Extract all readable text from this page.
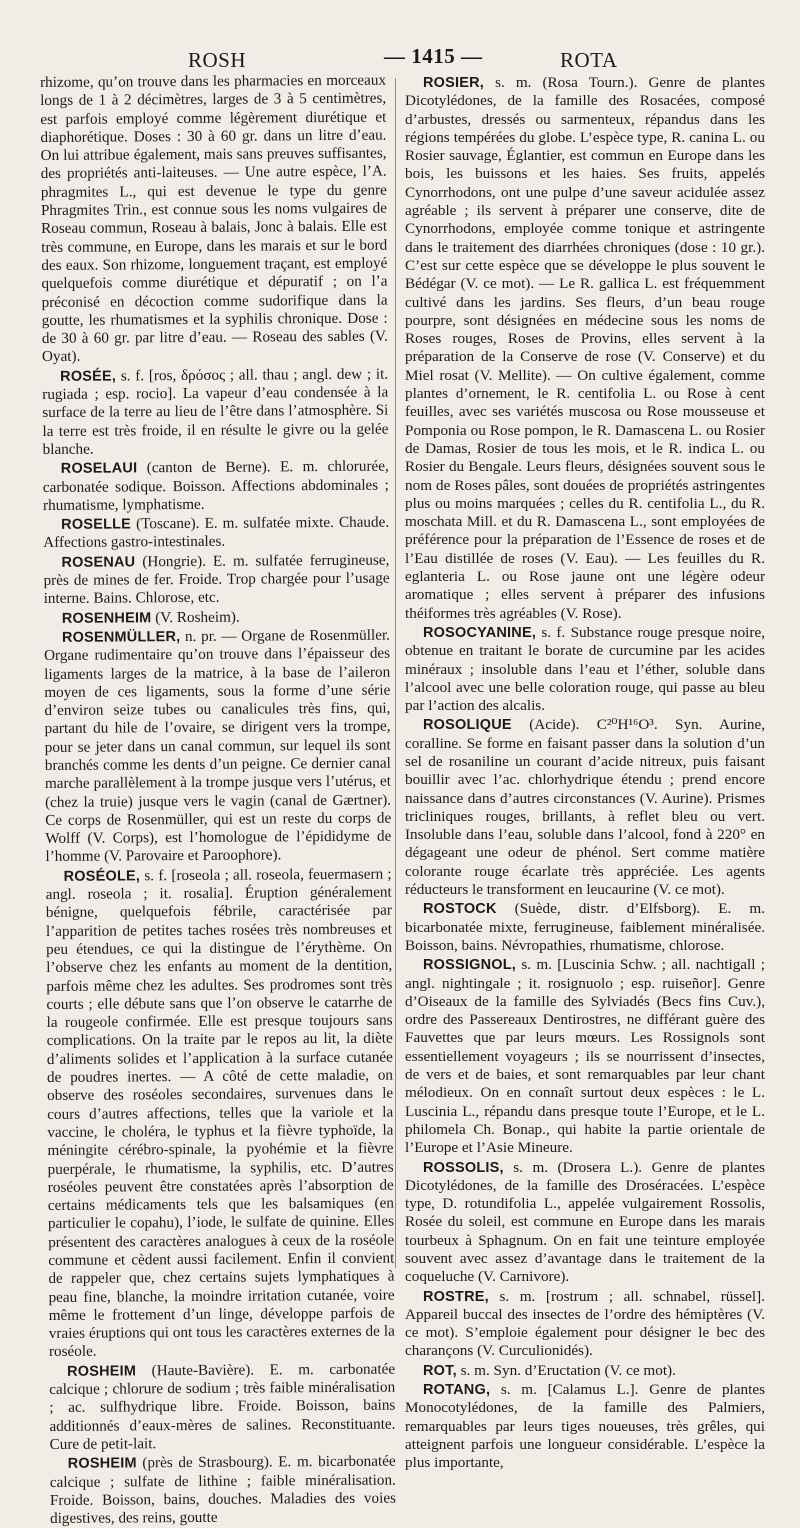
ROSH	— 1415 —	ROTA

rhizome, qu’on trouve dans les pharmacies en morceaux longs de 1 à 2 décimètres, larges de 3 à 5 centimètres, est parfois employé comme légèrement diurétique et diaphorétique. Doses : 30 à 60 gr. dans un litre d’eau. On lui attribue également, mais sans preuves suffisantes, des propriétés anti-laiteuses. — Une autre espèce, l’A. phragmites L., qui est devenue le type du genre Phragmites Trin., est connue sous les noms vulgaires de Roseau commun, Roseau à balais, Jonc à balais. Elle est très commune, en Europe, dans les marais et sur le bord des eaux. Son rhizome, longuement traçant, est employé quelquefois comme diurétique et dépuratif ; on l’a préconisé en décoction comme sudorifique dans la goutte, les rhumatismes et la syphilis chronique. Dose : de 30 à 60 gr. par litre d’eau. — Roseau des sables (V. Oyat).

ROSÉE, s. f. [ros, δρόσος ; all. thau ; angl. dew ; it. rugiada ; esp. rocio]. La vapeur d’eau condensée à la surface de la terre au lieu de l’être dans l’atmosphère. Si la terre est très froide, il en résulte le givre ou la gelée blanche.

ROSELAUI (canton de Berne). E. m. chlorurée, carbonatée sodique. Boisson. Affections abdominales ; rhumatisme, lymphatisme.

ROSELLE (Toscane). E. m. sulfatée mixte. Chaude. Affections gastro-intestinales.

ROSENAU (Hongrie). E. m. sulfatée ferrugineuse, près de mines de fer. Froide. Trop chargée pour l’usage interne. Bains. Chlorose, etc.

ROSENHEIM (V. Rosheim).

ROSENMÜLLER, n. pr. — Organe de Rosenmüller. Organe rudimentaire qu’on trouve dans l’épaisseur des ligaments larges de la matrice, à la base de l’aileron moyen de ces ligaments, sous la forme d’une série d’environ seize tubes ou canalicules très fins, qui, partant du hile de l’ovaire, se dirigent vers la trompe, pour se jeter dans un canal commun, sur lequel ils sont branchés comme les dents d’un peigne. Ce dernier canal marche parallèlement à la trompe jusque vers l’utérus, et (chez la truie) jusque vers le vagin (canal de Gærtner). Ce corps de Rosenmüller, qui est un reste du corps de Wolff (V. Corps), est l’homologue de l’épididyme de l’homme (V. Parovaire et Paroophore).

ROSÉOLE, s. f. [roseola ; all. roseola, feuermasern ; angl. roseola ; it. rosalia]. Éruption généralement bénigne, quelquefois fébrile, caractérisée par l’apparition de petites taches rosées très nombreuses et peu étendues, ce qui la distingue de l’érythème. On l’observe chez les enfants au moment de la dentition, parfois même chez les adultes. Ses prodromes sont très courts ; elle débute sans que l’on observe le catarrhe de la rougeole confirmée. Elle est presque toujours sans complications. On la traite par le repos au lit, la diète d’aliments solides et l’application à la surface cutanée de poudres inertes. — A côté de cette maladie, on observe des roséoles secondaires, survenues dans le cours d’autres affections, telles que la variole et la vaccine, le choléra, le typhus et la fièvre typhoïde, la méningite cérébro-spinale, la pyohémie et la fièvre puerpérale, le rhumatisme, la syphilis, etc. D’autres roséoles peuvent être constatées après l’absorption de certains médicaments tels que les balsamiques (en particulier le copahu), l’iode, le sulfate de quinine. Elles présentent des caractères analogues à ceux de la roséole commune et cèdent aussi facilement. Enfin il convient de rappeler que, chez certains sujets lymphatiques à peau fine, blanche, la moindre irritation cutanée, voire même le frottement d’un linge, développe parfois de vraies éruptions qui ont tous les caractères externes de la roséole.

ROSHEIM (Haute-Bavière). E. m. carbonatée calcique ; chlorure de sodium ; très faible minéralisation ; ac. sulfhydrique libre. Froide. Boisson, bains additionnés d’eaux-mères de salines. Reconstituante. Cure de petit-lait.

ROSHEIM (près de Strasbourg). E. m. bicarbonatée calcique ; sulfate de lithine ; faible minéralisation. Froide. Boisson, bains, douches. Maladies des voies digestives, des reins, goutte

ROSIER, s. m. (Rosa Tourn.). Genre de plantes Dicotylédones, de la famille des Rosacées, composé d’arbustes, dressés ou sarmenteux, répandus dans les régions tempérées du globe. L’espèce type, R. canina L. ou Rosier sauvage, Églantier, est commun en Europe dans les bois, les buissons et les haies. Ses fruits, appelés Cynorrhodons, ont une pulpe d’une saveur acidulée assez agréable ; ils servent à préparer une conserve, dite de Cynorrhodons, employée comme tonique et astringente dans le traitement des diarrhées chroniques (dose : 10 gr.). C’est sur cette espèce que se développe le plus souvent le Bédégar (V. ce mot). — Le R. gallica L. est fréquemment cultivé dans les jardins. Ses fleurs, d’un beau rouge pourpre, sont désignées en médecine sous les noms de Roses rouges, Roses de Provins, elles servent à la préparation de la Conserve de rose (V. Conserve) et du Miel rosat (V. Mellite). — On cultive également, comme plantes d’ornement, le R. centifolia L. ou Rose à cent feuilles, avec ses variétés muscosa ou Rose mousseuse et Pomponia ou Rose pompon, le R. Damascena L. ou Rosier de Damas, Rosier de tous les mois, et le R. indica L. ou Rosier du Bengale. Leurs fleurs, désignées souvent sous le nom de Roses pâles, sont douées de propriétés astringentes plus ou moins marquées ; celles du R. centifolia L., du R. moschata Mill. et du R. Damascena L., sont employées de préférence pour la préparation de l’Essence de roses et de l’Eau distillée de roses (V. Eau). — Les feuilles du R. eglanteria L. ou Rose jaune ont une légère odeur aromatique ; elles servent à préparer des infusions théiformes très agréables (V. Rose).

ROSOCYANINE, s. f. Substance rouge presque noire, obtenue en traitant le borate de curcumine par les acides minéraux ; insoluble dans l’eau et l’éther, soluble dans l’alcool avec une belle coloration rouge, qui passe au bleu par l’action des alcalis.

ROSOLIQUE (Acide). C²⁰H¹⁶O³. Syn. Aurine, coralline. Se forme en faisant passer dans la solution d’un sel de rosaniline un courant d’acide nitreux, puis faisant bouillir avec l’ac. chlorhydrique étendu ; prend encore naissance dans d’autres circonstances (V. Aurine). Prismes tricliniques rouges, brillants, à reflet bleu ou vert. Insoluble dans l’eau, soluble dans l’alcool, fond à 220° en dégageant une odeur de phénol. Sert comme matière colorante rouge écarlate très appréciée. Les agents réducteurs le transforment en leucaurine (V. ce mot).

ROSTOCK (Suède, distr. d’Elfsborg). E. m. bicarbonatée mixte, ferrugineuse, faiblement minéralisée. Boisson, bains. Névropathies, rhumatisme, chlorose.

ROSSIGNOL, s. m. [Luscinia Schw. ; all. nachtigall ; angl. nightingale ; it. rosignuolo ; esp. ruiseñor]. Genre d’Oiseaux de la famille des Sylviadés (Becs fins Cuv.), ordre des Passereaux Dentirostres, ne différant guère des Fauvettes que par leurs mœurs. Les Rossignols sont essentiellement voyageurs ; ils se nourrissent d’insectes, de vers et de baies, et sont remarquables par leur chant mélodieux. On en connaît surtout deux espèces : le L. Luscinia L., répandu dans presque toute l’Europe, et le L. philomela Ch. Bonap., qui habite la partie orientale de l’Europe et l’Asie Mineure.

ROSSOLIS, s. m. (Drosera L.). Genre de plantes Dicotylédones, de la famille des Droséracées. L’espèce type, D. rotundifolia L., appelée vulgairement Rossolis, Rosée du soleil, est commune en Europe dans les marais tourbeux à Sphagnum. On en fait une teinture employée souvent avec assez d’avantage dans le traitement de la coqueluche (V. Carnivore).

ROSTRE, s. m. [rostrum ; all. schnabel, rüssel]. Appareil buccal des insectes de l’ordre des hémiptères (V. ce mot). S’emploie également pour désigner le bec des charançons (V. Curculionidés).

ROT, s. m. Syn. d’Eructation (V. ce mot).

ROTANG, s. m. [Calamus L.]. Genre de plantes Monocotylédones, de la famille des Palmiers, remarquables par leurs tiges noueuses, très grêles, qui atteignent parfois une longueur considérable. L’espèce la plus importante,
